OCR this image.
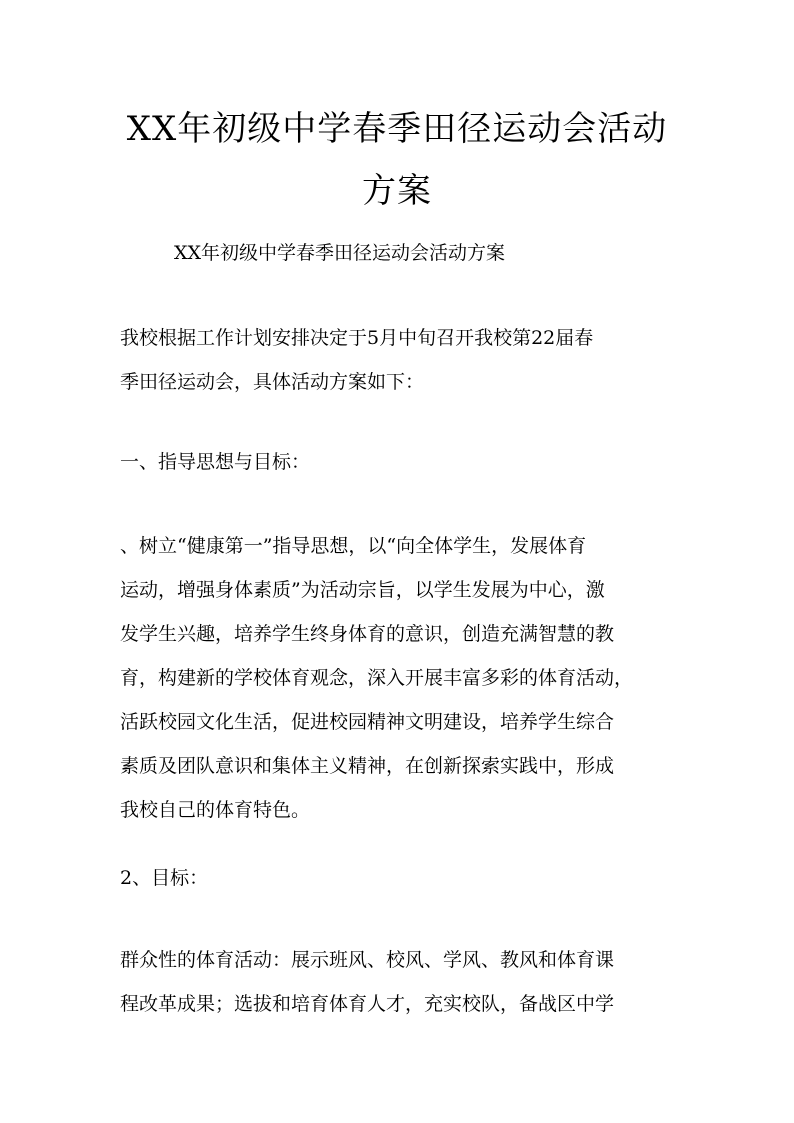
XX年初级中学春季田径运动会活动
方案
XX年初级中学春季田径运动会活动方案
我校根据工作计划安排决定于5月中旬召开我校第22届春
季田径运动会，具体活动方案如下：
一、指导思想与目标：
、树立“健康第一”指导思想，以“向全体学生，发展体育
运动，增强身体素质”为活动宗旨，以学生发展为中心，激
发学生兴趣，培养学生终身体育的意识，创造充满智慧的教
育，构建新的学校体育观念，深入开展丰富多彩的体育活动，
活跃校园文化生活，促进校园精神文明建设，培养学生综合
素质及团队意识和集体主义精神，在创新探索实践中，形成
我校自己的体育特色。
2、目标：
群众性的体育活动：展示班风、校风、学风、教风和体育课
程改革成果；选拔和培育体育人才，充实校队，备战区中学
